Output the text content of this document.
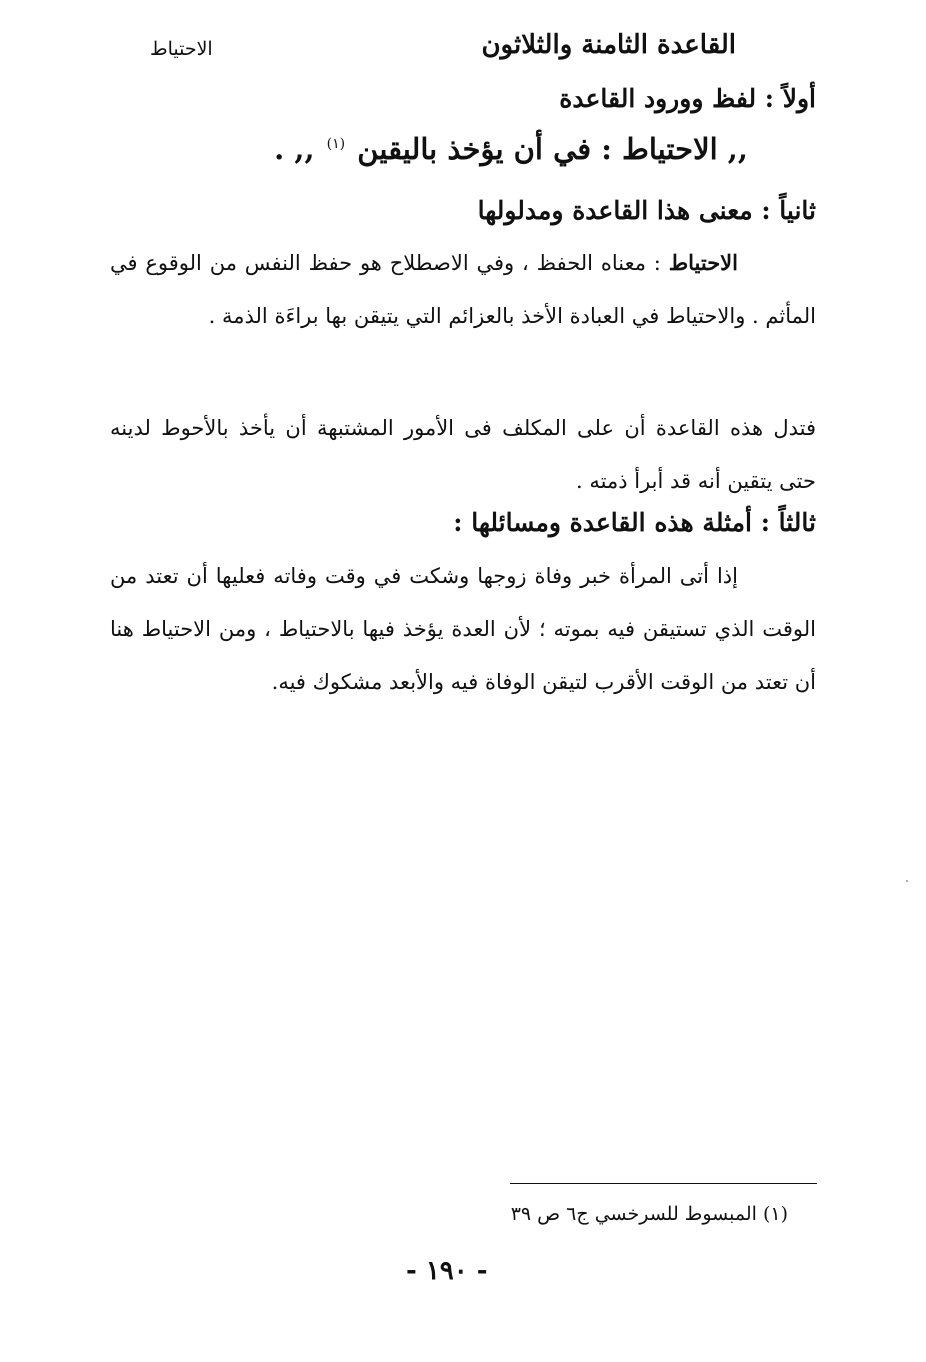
القاعدة الثامنة والثلاثون
الاحتياط
أولاً : لفظ وورود القاعدة
,, الاحتياط : في أن يؤخذ باليقين $^{(١)}$ ,, .
ثانياً : معنى هذا القاعدة ومدلولها
الاحتياط : معناه الحفظ ، وفي الاصطلاح هو حفظ النفس من الوقوع في المأثم . والاحتياط في العبادة الأخذ بالعزائم التي يتيقن بها براءَة الذمة .
فتدل هذه القاعدة أن على المكلف فى الأمور المشتبهة أن يأخذ بالأحوط لدينه حتى يتقين أنه قد أبرأ ذمته .
ثالثاً : أمثلة هذه القاعدة ومسائلها :
إذا أتى المرأة خبر وفاة زوجها وشكت في وقت وفاته فعليها أن تعتد من الوقت الذي تستيقن فيه بموته ؛ لأن العدة يؤخذ فيها بالاحتياط ، ومن الاحتياط هنا أن تعتد من الوقت الأقرب لتيقن الوفاة فيه والأبعد مشكوك فيه.
(١) المبسوط للسرخسي ج٦ ص ٣٩
- ١٩٠ -
